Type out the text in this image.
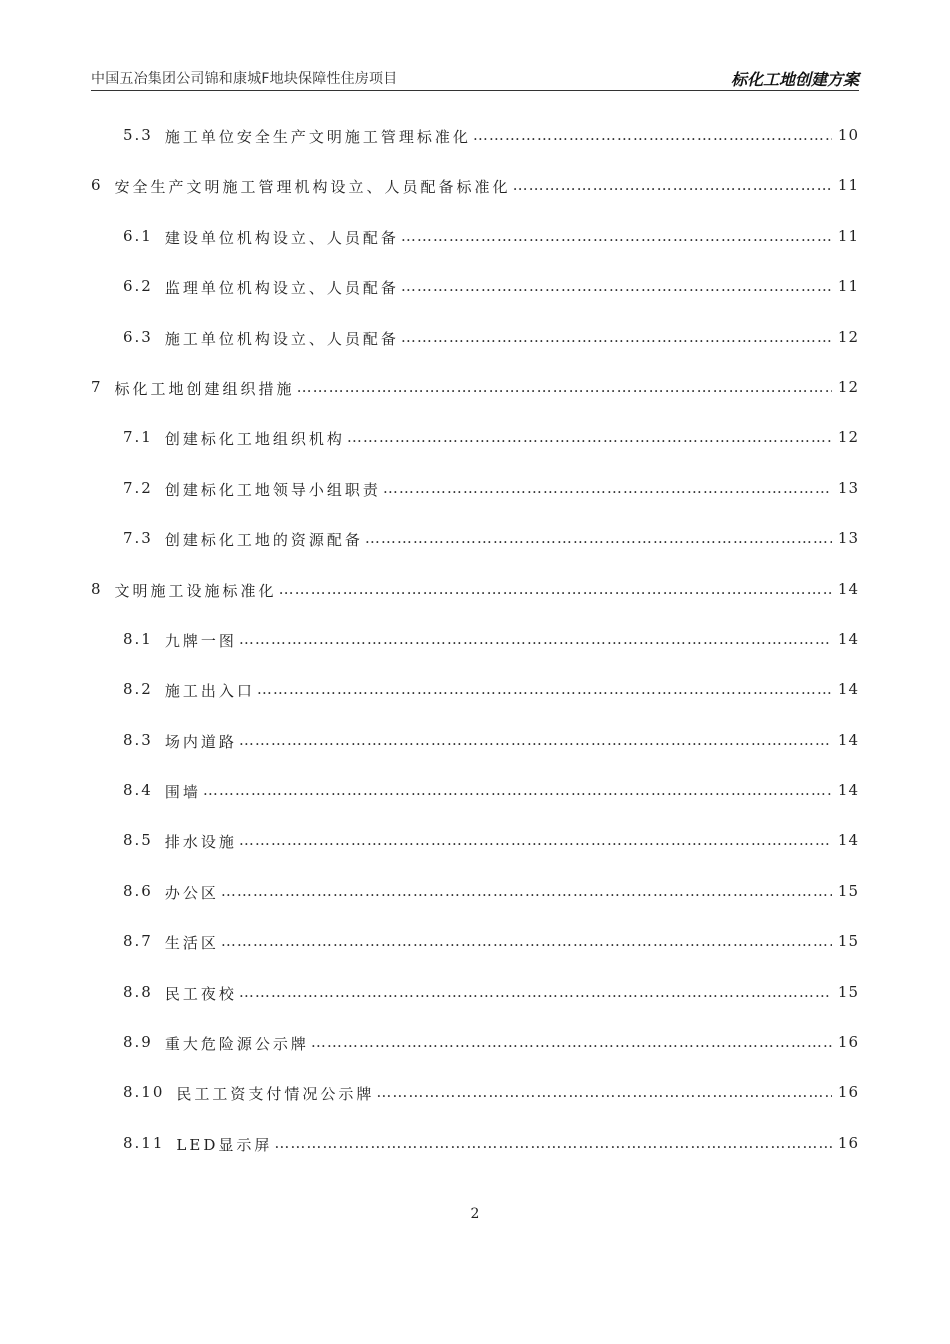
中国五冶集团公司锦和康城F地块保障性住房项目	标化工地创建方案
5.3 施工单位安全生产文明施工管理标准化 ……………………………………………………………………………………………………………………………………………………………………	10
6 安全生产文明施工管理机构设立、人员配备标准化 ……………………………………………………………………………………………………………………………………………………………………	11
6.1 建设单位机构设立、人员配备 ……………………………………………………………………………………………………………………………………………………………………	11
6.2 监理单位机构设立、人员配备 ……………………………………………………………………………………………………………………………………………………………………	11
6.3 施工单位机构设立、人员配备 ……………………………………………………………………………………………………………………………………………………………………	12
7 标化工地创建组织措施 ……………………………………………………………………………………………………………………………………………………………………	12
7.1 创建标化工地组织机构 ……………………………………………………………………………………………………………………………………………………………………	12
7.2 创建标化工地领导小组职责 ……………………………………………………………………………………………………………………………………………………………………	13
7.3 创建标化工地的资源配备 ……………………………………………………………………………………………………………………………………………………………………	13
8 文明施工设施标准化 ……………………………………………………………………………………………………………………………………………………………………	14
8.1 九牌一图 ……………………………………………………………………………………………………………………………………………………………………	14
8.2 施工出入口 ……………………………………………………………………………………………………………………………………………………………………	14
8.3 场内道路 ……………………………………………………………………………………………………………………………………………………………………	14
8.4 围墙 ……………………………………………………………………………………………………………………………………………………………………	14
8.5 排水设施 ……………………………………………………………………………………………………………………………………………………………………	14
8.6 办公区 ……………………………………………………………………………………………………………………………………………………………………	15
8.7 生活区 ……………………………………………………………………………………………………………………………………………………………………	15
8.8 民工夜校 ……………………………………………………………………………………………………………………………………………………………………	15
8.9 重大危险源公示牌 ……………………………………………………………………………………………………………………………………………………………………	16
8.10 民工工资支付情况公示牌 ……………………………………………………………………………………………………………………………………………………………………	16
8.11 LED显示屏 ……………………………………………………………………………………………………………………………………………………………………	16
2
